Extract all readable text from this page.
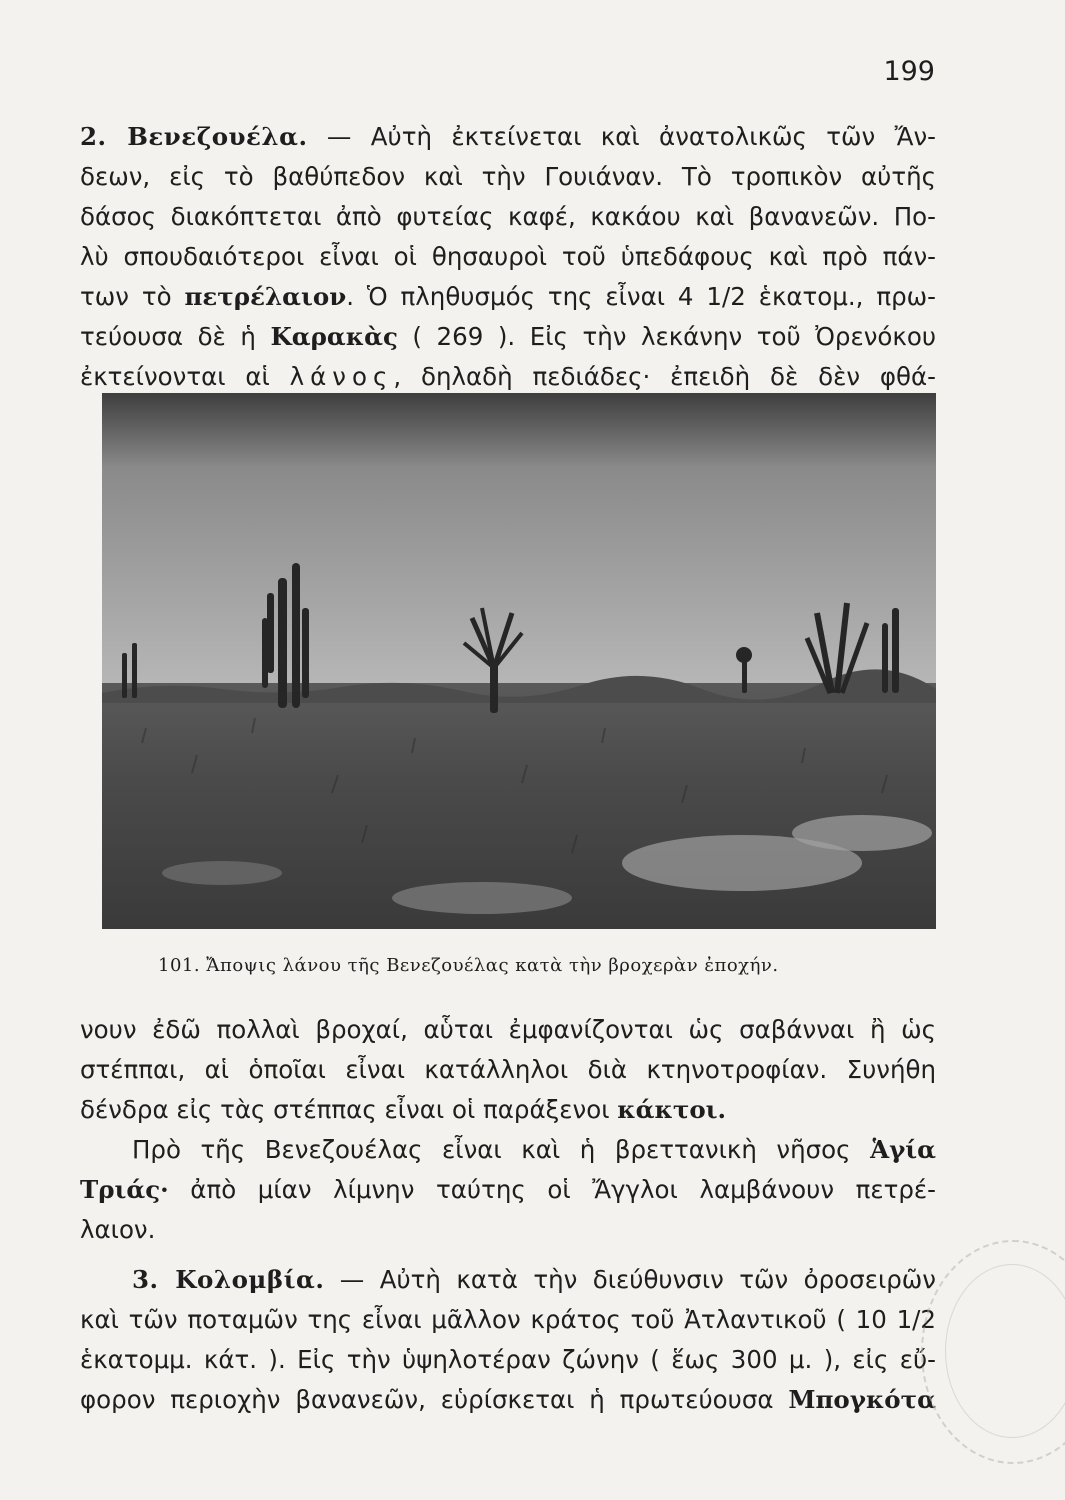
199
2. Βενεζουέλα. — Αὐτὴ ἐκτείνεται καὶ ἀνατολικῶς τῶν Ἄν-
δεων, εἰς τὸ βαθύπεδον καὶ τὴν Γουιάναν. Τὸ τροπικὸν αὐτῆς
δάσος διακόπτεται ἀπὸ φυτείας καφέ, κακάου καὶ βανανεῶν. Πο-
λὺ σπουδαιότεροι εἶναι οἱ θησαυροὶ τοῦ ὑπεδάφους καὶ πρὸ πάν-
των τὸ πετρέλαιον. Ὁ πληθυσμός της εἶναι 4 1/2 ἑκατομ., πρω-
τεύουσα δὲ ἡ Καρακὰς ( 269 ). Εἰς τὴν λεκάνην τοῦ Ὀρενόκου
ἐκτείνονται αἱ λάνος, δηλαδὴ πεδιάδες· ἐπειδὴ δὲ δὲν φθά-
101. Ἄποψις λάνου τῆς Βενεζουέλας κατὰ τὴν βροχερὰν ἐποχήν.
νουν ἐδῶ πολλαὶ βροχαί, αὗται ἐμφανίζονται ὡς σαβάνναι ἢ ὡς
στέππαι, αἱ ὁποῖαι εἶναι κατάλληλοι διὰ κτηνοτροφίαν. Συνήθη
δένδρα εἰς τὰς στέππας εἶναι οἱ παράξενοι κάκτοι.
Πρὸ τῆς Βενεζουέλας εἶναι καὶ ἡ βρεττανικὴ νῆσος Ἁγία
Τριάς· ἀπὸ μίαν λίμνην ταύτης οἱ Ἄγγλοι λαμβάνουν πετρέ-
λαιον.
3. Κολομβία. — Αὐτὴ κατὰ τὴν διεύθυνσιν τῶν ὀροσειρῶν
καὶ τῶν ποταμῶν της εἶναι μᾶλλον κράτος τοῦ Ἀτλαντικοῦ ( 10 1/2
ἑκατομμ. κάτ. ). Εἰς τὴν ὑψηλοτέραν ζώνην ( ἕως 300 μ. ), εἰς εὔ-
φορον περιοχὴν βανανεῶν, εὑρίσκεται ἡ πρωτεύουσα Μπογκότα
